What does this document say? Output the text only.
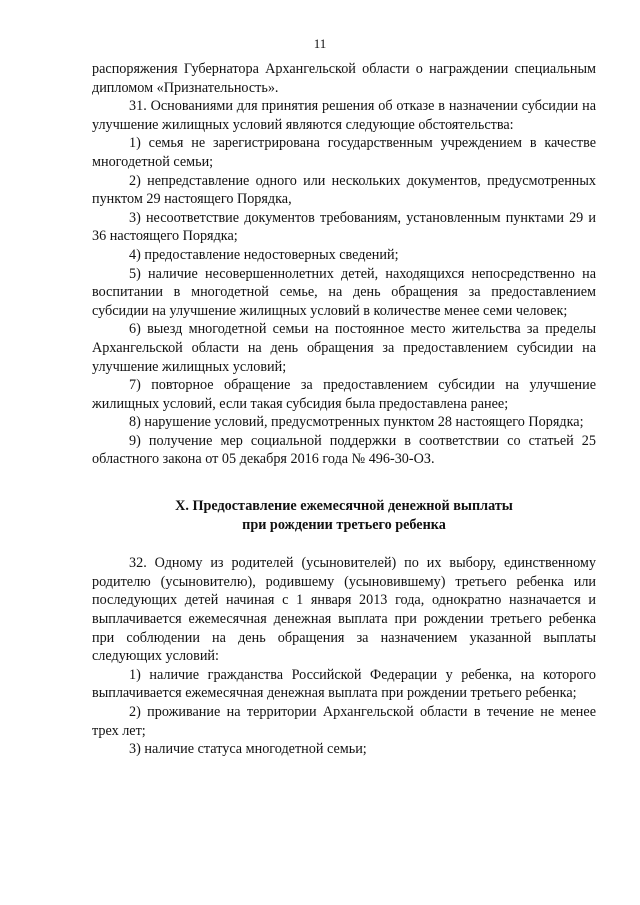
11

распоряжения Губернатора Архангельской области о награждении специальным дипломом «Признательность».

31. Основаниями для принятия решения об отказе в назначении субсидии на улучшение жилищных условий являются следующие обстоятельства:

1) семья не зарегистрирована государственным учреждением в качестве многодетной семьи;

2) непредставление одного или нескольких документов, предусмотренных пунктом 29 настоящего Порядка,

3) несоответствие документов требованиям, установленным пунктами 29 и 36 настоящего Порядка;

4) предоставление недостоверных сведений;

5) наличие несовершеннолетних детей, находящихся непосредственно на воспитании в многодетной семье, на день обращения за предоставлением субсидии на улучшение жилищных условий в количестве менее семи человек;

6) выезд многодетной семьи на постоянное место жительства за пределы Архангельской области на день обращения за предоставлением субсидии на улучшение жилищных условий;

7) повторное обращение за предоставлением субсидии на улучшение жилищных условий, если такая субсидия была предоставлена ранее;

8) нарушение условий, предусмотренных пунктом 28 настоящего Порядка;

9) получение мер социальной поддержки в соответствии со статьей 25 областного закона от 05 декабря 2016 года № 496-30-ОЗ.

X. Предоставление ежемесячной денежной выплаты
при рождении третьего ребенка

32. Одному из родителей (усыновителей) по их выбору, единственному родителю (усыновителю), родившему (усыновившему) третьего ребенка или последующих детей начиная с 1 января 2013 года, однократно назначается и выплачивается ежемесячная денежная выплата при рождении третьего ребенка при соблюдении на день обращения за назначением указанной выплаты следующих условий:

1) наличие гражданства Российской Федерации у ребенка, на которого выплачивается ежемесячная денежная выплата при рождении третьего ребенка;

2) проживание на территории Архангельской области в течение не менее трех лет;

3) наличие статуса многодетной семьи;
